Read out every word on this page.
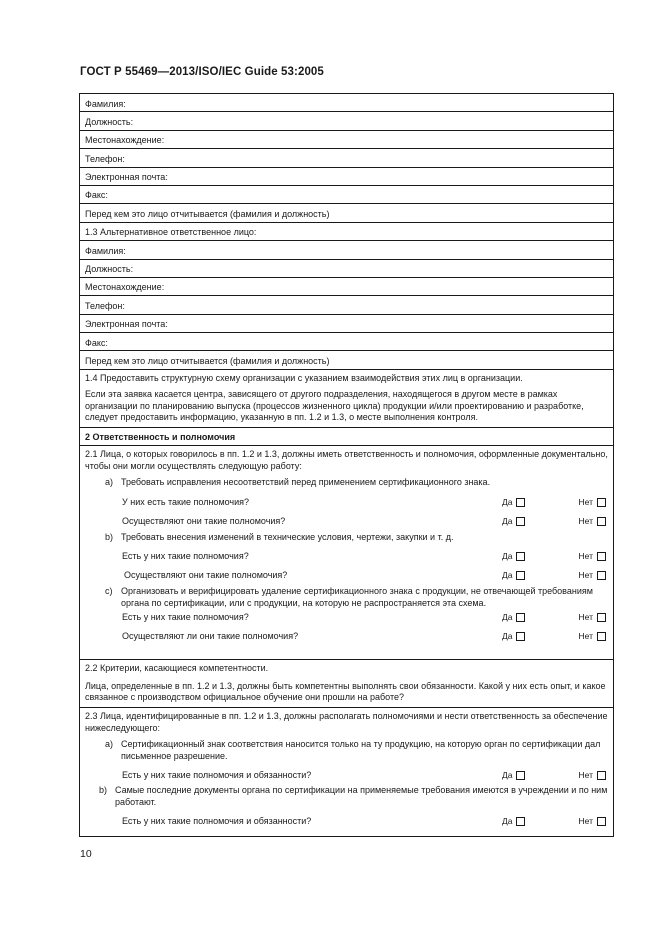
ГОСТ Р 55469—2013/ISO/IEC Guide 53:2005
Фамилия:
Должность:
Местонахождение:
Телефон:
Электронная почта:
Факс:
Перед кем это лицо отчитывается (фамилия и должность)
1.3 Альтернативное ответственное лицо:
Фамилия:
Должность:
Местонахождение:
Телефон:
Электронная почта:
Факс:
Перед кем это лицо отчитывается (фамилия и должность)

1.4 Предоставить структурную схему организации с указанием взаимодействия этих лиц в организации.

Если эта заявка касается центра, зависящего от другого подразделения, находящегося в другом месте в рамках организации по планированию выпуска (процессов жизненного цикла) продукции и/или проектированию и разработке, следует предоставить информацию, указанную в пп. 1.2 и 1.3, о месте выполнения контроля.

2 Ответственность и полномочия

2.1 Лица, о которых говорилось в пп. 1.2 и 1.3, должны иметь ответственность и полномочия, оформленные документально, чтобы они могли осуществлять следующую работу:

а) Требовать исправления несоответствий перед применением сертификационного знака.
У них есть такие полномочия?	Да	Нет
Осуществляют они такие полномочия?	Да	Нет
b) Требовать внесения изменений в технические условия, чертежи, закупки и т. д.
Есть у них такие полномочия?	Да	Нет
Осуществляют они такие полномочия?	Да	Нет
с) Организовать и верифицировать удаление сертификационного знака с продукции, не отвечающей требованиям органа по сертификации, или с продукции, на которую не распространяется эта схема.
Есть у них такие полномочия?	Да	Нет
Осуществляют ли они такие полномочия?	Да	Нет

2.2 Критерии, касающиеся компетентности.

Лица, определенные в пп. 1.2 и 1.3, должны быть компетентны выполнять свои обязанности. Какой у них есть опыт, и какое связанное с производством официальное обучение они прошли на работе?

2.3 Лица, идентифицированные в пп. 1.2 и 1.3, должны располагать полномочиями и нести ответственность за обеспечение нижеследующего:

а) Сертификационный знак соответствия наносится только на ту продукцию, на которую орган по сертификации дал письменное разрешение.
Есть у них такие полномочия и обязанности?	Да	Нет
b) Самые последние документы органа по сертификации на применяемые требования имеются в учреждении и по ним работают.
Есть у них такие полномочия и обязанности?	Да	Нет
10
